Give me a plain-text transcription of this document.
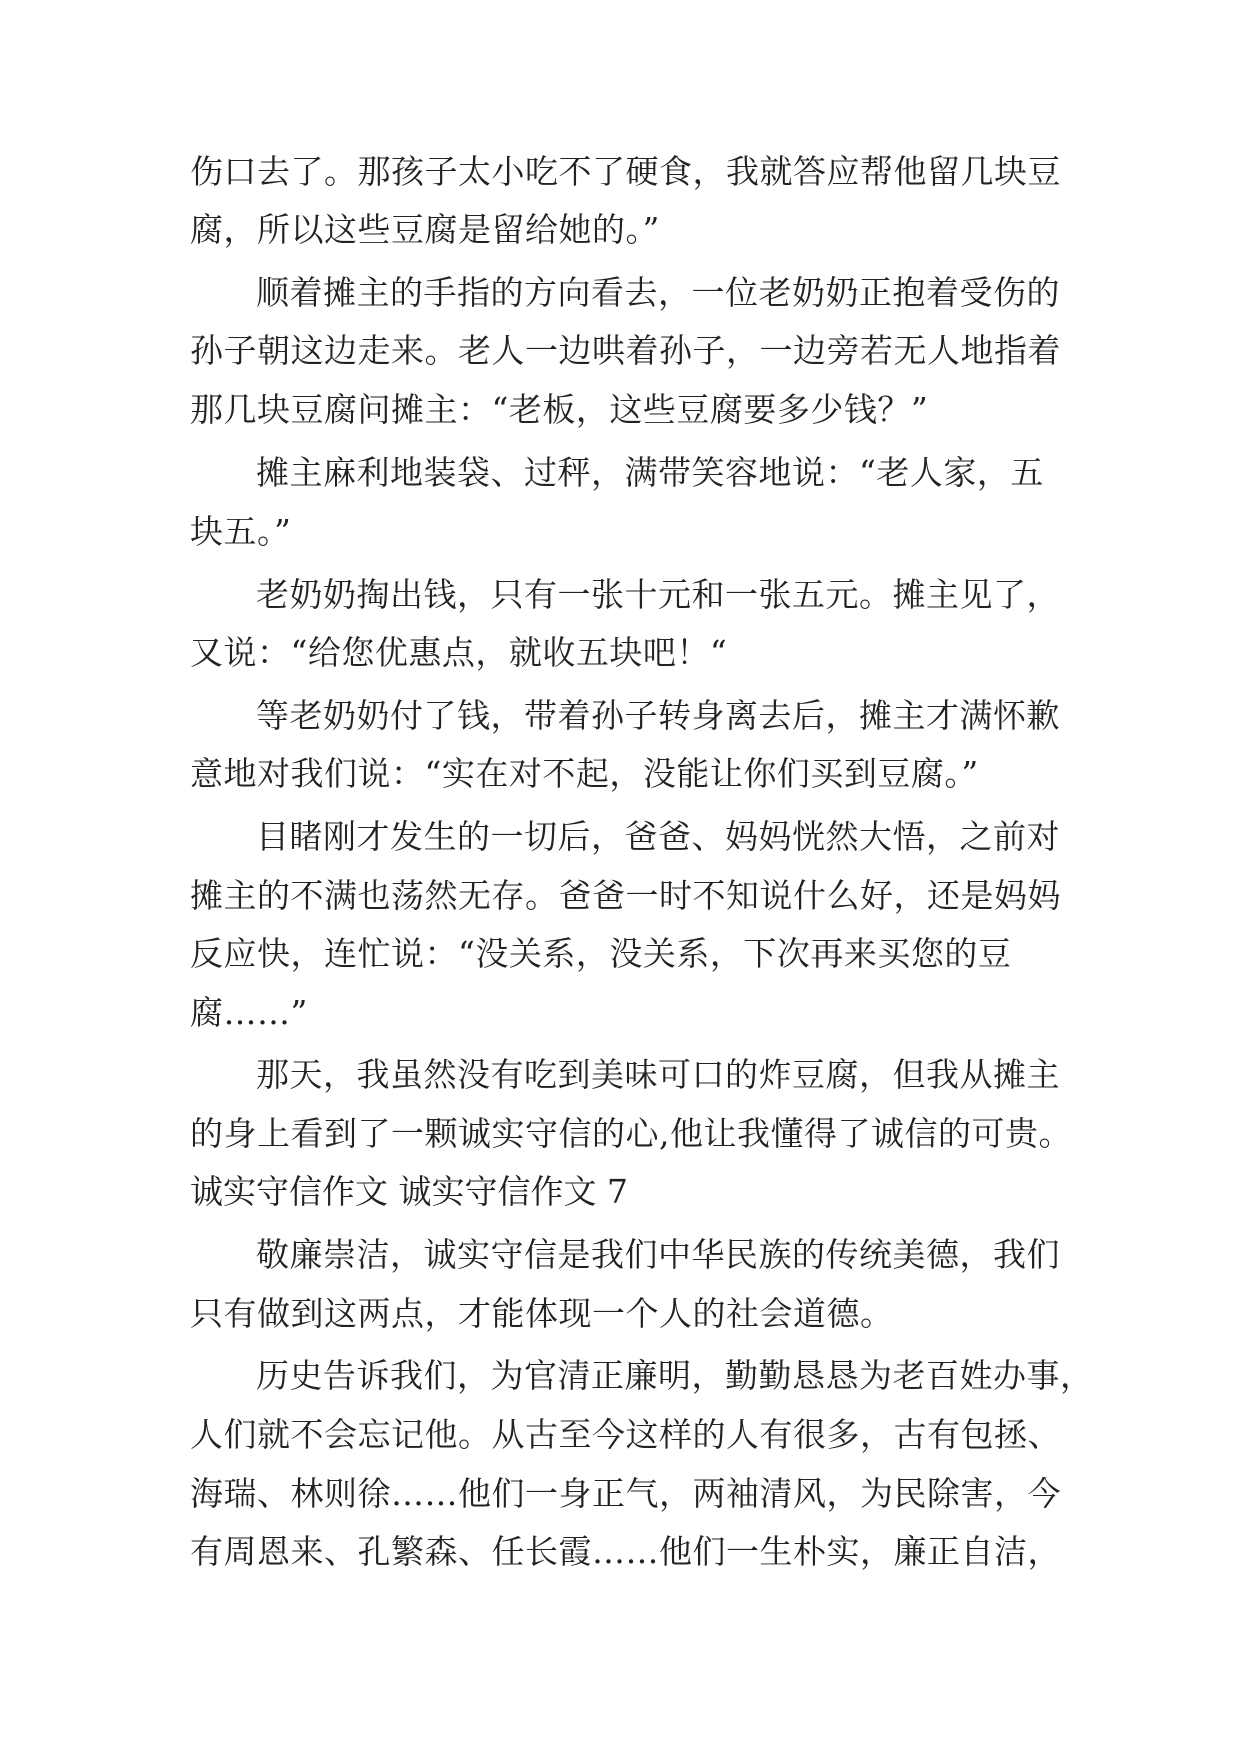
伤口去了。那孩子太小吃不了硬食，我就答应帮他留几块豆
腐，所以这些豆腐是留给她的。”
顺着摊主的手指的方向看去，一位老奶奶正抱着受伤的
孙子朝这边走来。老人一边哄着孙子，一边旁若无人地指着
那几块豆腐问摊主：“老板，这些豆腐要多少钱？”
摊主麻利地装袋、过秤，满带笑容地说：“老人家，五
块五。”
老奶奶掏出钱，只有一张十元和一张五元。摊主见了，
又说：“给您优惠点，就收五块吧！“
等老奶奶付了钱，带着孙子转身离去后，摊主才满怀歉
意地对我们说：“实在对不起，没能让你们买到豆腐。”
目睹刚才发生的一切后，爸爸、妈妈恍然大悟，之前对
摊主的不满也荡然无存。爸爸一时不知说什么好，还是妈妈
反应快，连忙说：“没关系，没关系，下次再来买您的豆
腐……”
那天，我虽然没有吃到美味可口的炸豆腐，但我从摊主
的身上看到了一颗诚实守信的心,他让我懂得了诚信的可贵。
诚实守信作文 诚实守信作文 7
敬廉崇洁，诚实守信是我们中华民族的传统美德，我们
只有做到这两点，才能体现一个人的社会道德。
历史告诉我们，为官清正廉明，勤勤恳恳为老百姓办事，
人们就不会忘记他。从古至今这样的人有很多，古有包拯、
海瑞、林则徐……他们一身正气，两袖清风，为民除害，今
有周恩来、孔繁森、任长霞……他们一生朴实，廉正自洁，
